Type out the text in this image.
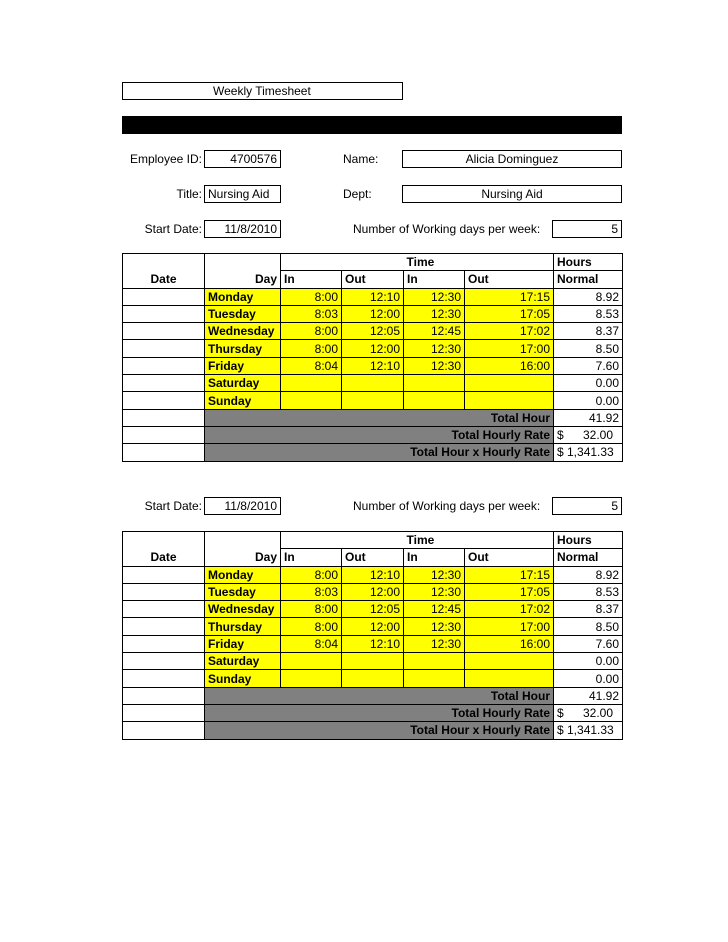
Weekly Timesheet
Employee ID:	4700576	Name:	Alicia Dominguez
Title: Nursing Aid	Dept:	Nursing Aid
Start Date:	11/8/2010	Number of Working days per week:	5
				Time		Hours
Date	Day	In	Out	In	Out	Normal
	Monday	8:00	12:10	12:30	17:15	8.92
	Tuesday	8:03	12:00	12:30	17:05	8.53
	Wednesday	8:00	12:05	12:45	17:02	8.37
	Thursday	8:00	12:00	12:30	17:00	8.50
	Friday	8:04	12:10	12:30	16:00	7.60
	Saturday					0.00
	Sunday					0.00
	Total Hour					41.92
	Total Hourly Rate					$ 32.00

	Total Hour x Hourly Rate					$ 1,341.33
Start Date:	11/8/2010	Number of Working days per week:	5
				Time		Hours
Date	Day	In	Out	In	Out	Normal
	Monday	8:00	12:10	12:30	17:15	8.92
	Tuesday	8:03	12:00	12:30	17:05	8.53
	Wednesday	8:00	12:05	12:45	17:02	8.37
	Thursday	8:00	12:00	12:30	17:00	8.50
	Friday	8:04	12:10	12:30	16:00	7.60
	Saturday					0.00
	Sunday					0.00
	Total Hour					41.92
	Total Hourly Rate					$ 32.00

	Total Hour x Hourly Rate					$ 1,341.33
